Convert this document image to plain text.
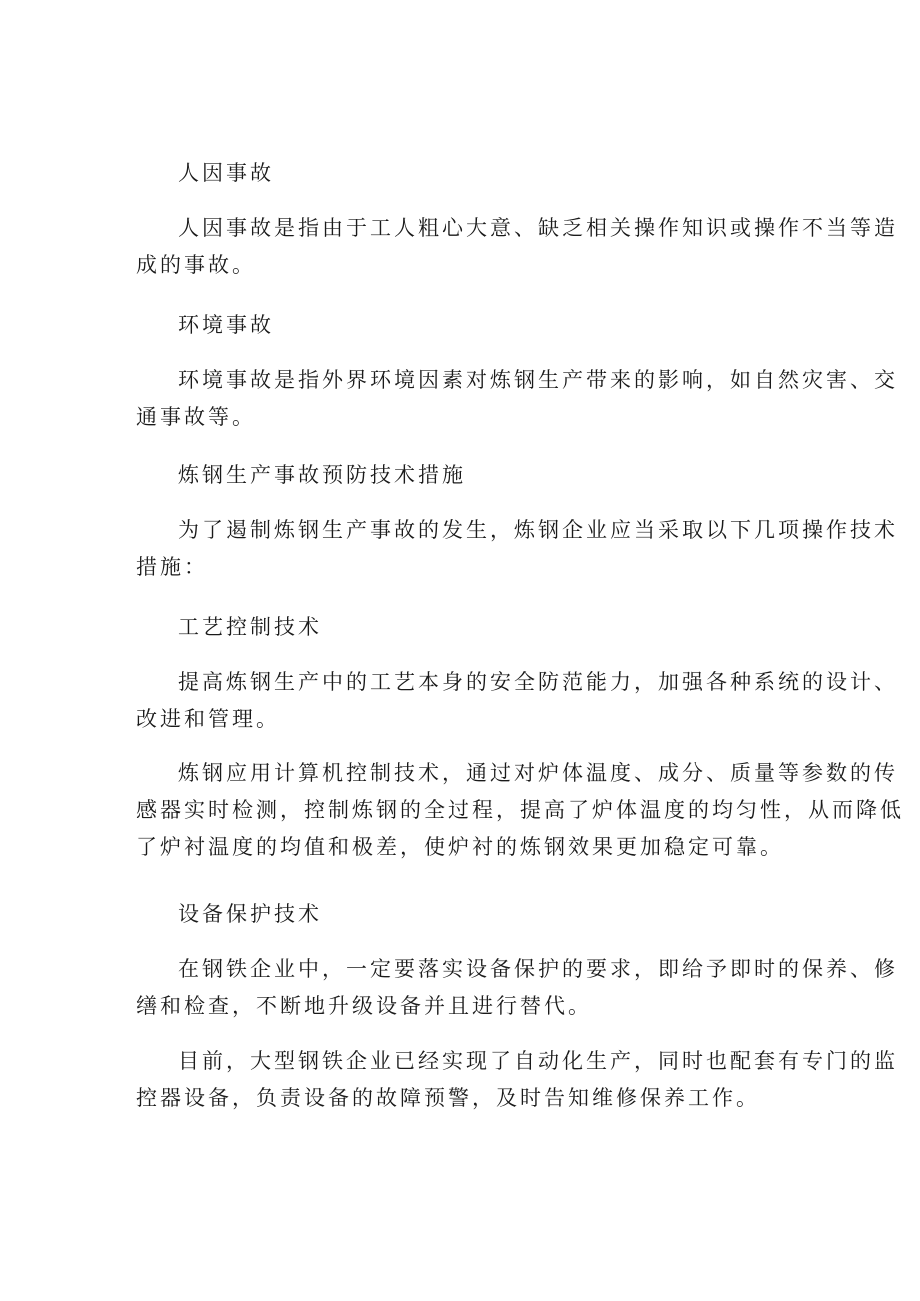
人因事故

人因事故是指由于工人粗心大意、缺乏相关操作知识或操作不当等造
成的事故。

环境事故

环境事故是指外界环境因素对炼钢生产带来的影响，如自然灾害、交
通事故等。

炼钢生产事故预防技术措施

为了遏制炼钢生产事故的发生，炼钢企业应当采取以下几项操作技术
措施：

工艺控制技术

提高炼钢生产中的工艺本身的安全防范能力，加强各种系统的设计、
改进和管理。

炼钢应用计算机控制技术，通过对炉体温度、成分、质量等参数的传
感器实时检测，控制炼钢的全过程，提高了炉体温度的均匀性，从而降低
了炉衬温度的均值和极差，使炉衬的炼钢效果更加稳定可靠。

设备保护技术

在钢铁企业中，一定要落实设备保护的要求，即给予即时的保养、修
缮和检查，不断地升级设备并且进行替代。

目前，大型钢铁企业已经实现了自动化生产，同时也配套有专门的监
控器设备，负责设备的故障预警，及时告知维修保养工作。
